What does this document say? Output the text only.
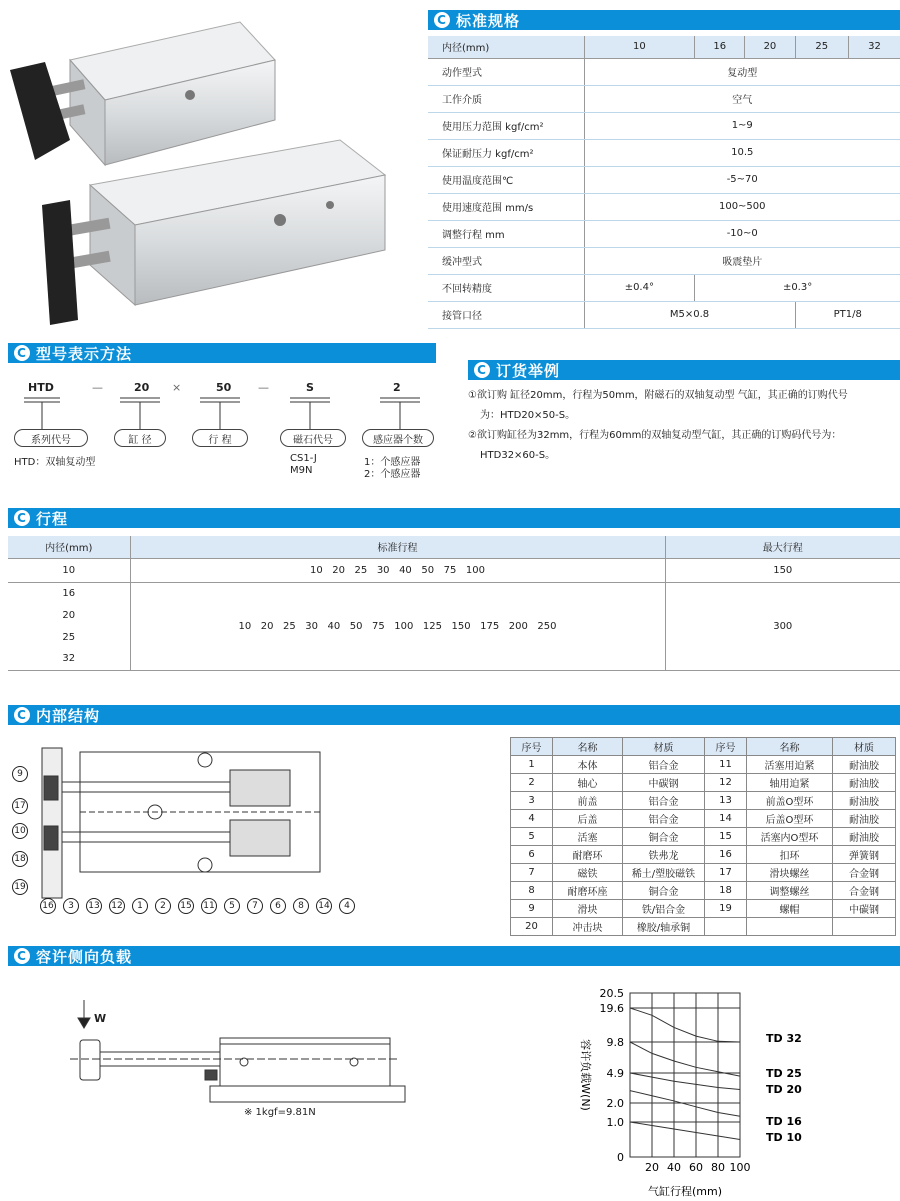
C 标准规格
内径(mm)	10	16	20	25	32
动作型式	复动型				
工作介质	空气				
使用压力范围 kgf/cm²	1~9				
保证耐压力 kgf/cm²	10.5				
使用温度范围℃	-5~70				
使用速度范围 mm/s	100~500				
调整行程 mm	-10~0				
缓冲型式	吸震垫片				
不回转精度	±0.4°	±0.3°			
接管口径	M5×0.8			PT1/8	
C 型号表示方法
HTD	—	20 ×	50 —	S	2
系列代号	缸 径	行 程	磁石代号	感应器个数
HTD：双轴复动型	CS1-J
M9N
1：个感应器
2：个感应器
C 订货举例
①欲订购 缸径20mm，行程为50mm，附磁石的双轴复动型 气缸，其正确的订购代号
为：HTD20×50-S。
②欲订购缸径为32mm，行程为60mm的双轴复动型气缸，其正确的订购码代号为：
HTD32×60-S。
C 行程
内径(mm)	标准行程	最大行程
10	10   20   25   30   40   50   75   100	150
16	10   20   25   30   40   50   75   100   125   150   175   200   250	300
20		
25		
32		
C 内部结构
9
17
10
18
19
16	3	13 12	1	2	15 11	5	7	6	8	14	4
序号	名称	材质	序号	名称	材质
1	本体	铝合金	11	活塞用迫紧	耐油胶
2	轴心	中碳钢	12	轴用迫紧	耐油胶
3	前盖	铝合金	13	前盖O型环	耐油胶
4	后盖	铝合金	14	后盖O型环	耐油胶
5	活塞	铜合金	15	活塞内O型环	耐油胶
6	耐磨环	铁弗龙	16	扣环	弹簧钢
7	磁铁	稀土/塑胶磁铁	17	滑块螺丝	合金钢
8	耐磨环座	铜合金	18	调整螺丝	合金钢
9	滑块	铁/铝合金	19	螺帽	中碳钢
20	冲击块	橡胶/轴承铜			
C 容许侧向负载
W
※ 1kgf=9.81N
20.5
19.6
9.8
4.9
2.0
1.0
0
20 40 60 80 100
气缸行程(mm)
容许负载W(N)
TD 32
TD 25
TD 20
TD 16
TD 10
